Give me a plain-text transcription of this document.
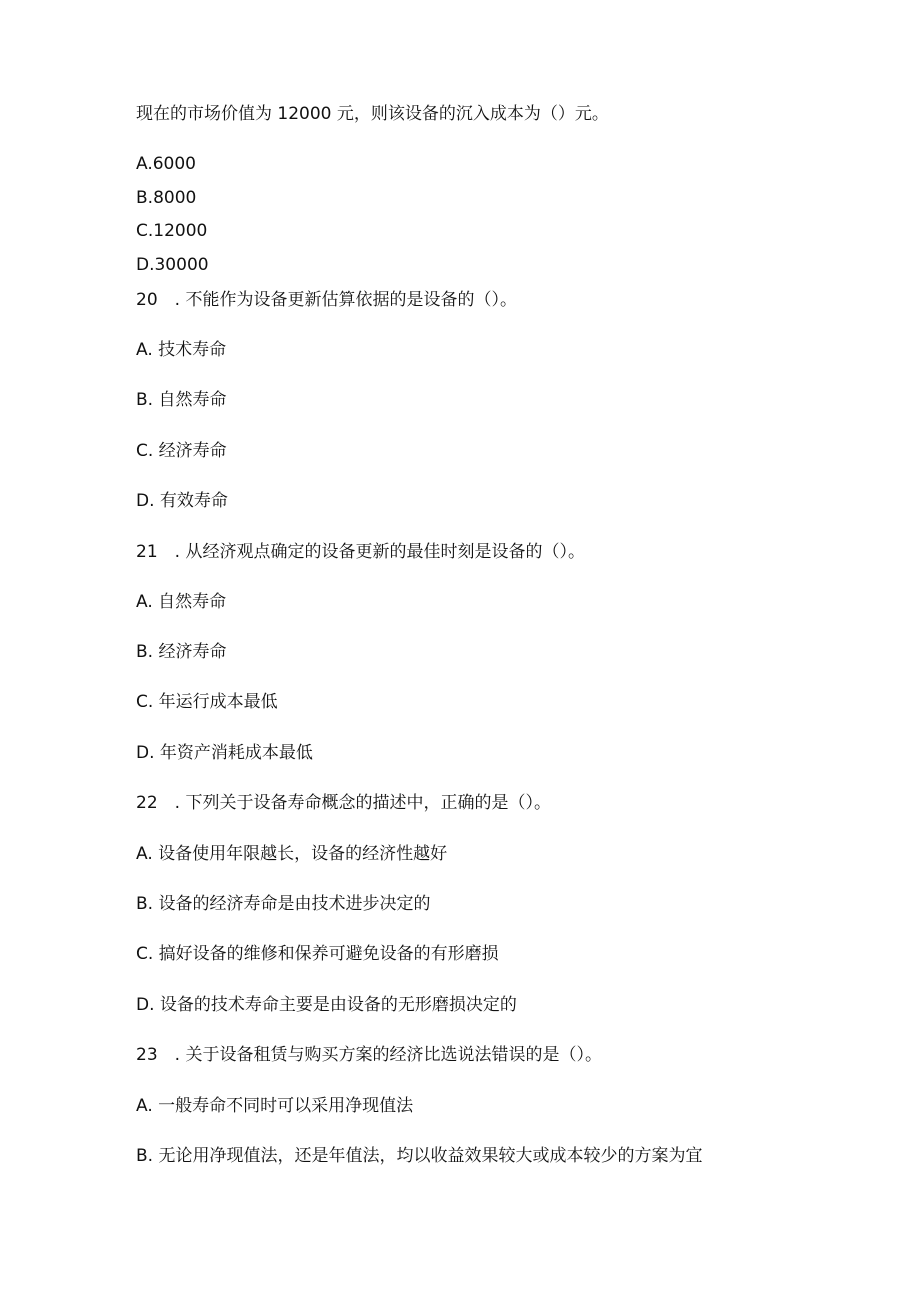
现在的市场价值为 12000 元，则该设备的沉入成本为（）元。
A.6000
B.8000
C.12000
D.30000
20　. 不能作为设备更新估算依据的是设备的（）。
A. 技术寿命
B. 自然寿命
C. 经济寿命
D. 有效寿命
21　. 从经济观点确定的设备更新的最佳时刻是设备的（）。
A. 自然寿命
B. 经济寿命
C. 年运行成本最低
D. 年资产消耗成本最低
22　. 下列关于设备寿命概念的描述中，正确的是（）。
A. 设备使用年限越长，设备的经济性越好
B. 设备的经济寿命是由技术进步决定的
C. 搞好设备的维修和保养可避免设备的有形磨损
D. 设备的技术寿命主要是由设备的无形磨损决定的
23　. 关于设备租赁与购买方案的经济比选说法错误的是（）。
A. 一般寿命不同时可以采用净现值法
B. 无论用净现值法，还是年值法，均以收益效果较大或成本较少的方案为宜
